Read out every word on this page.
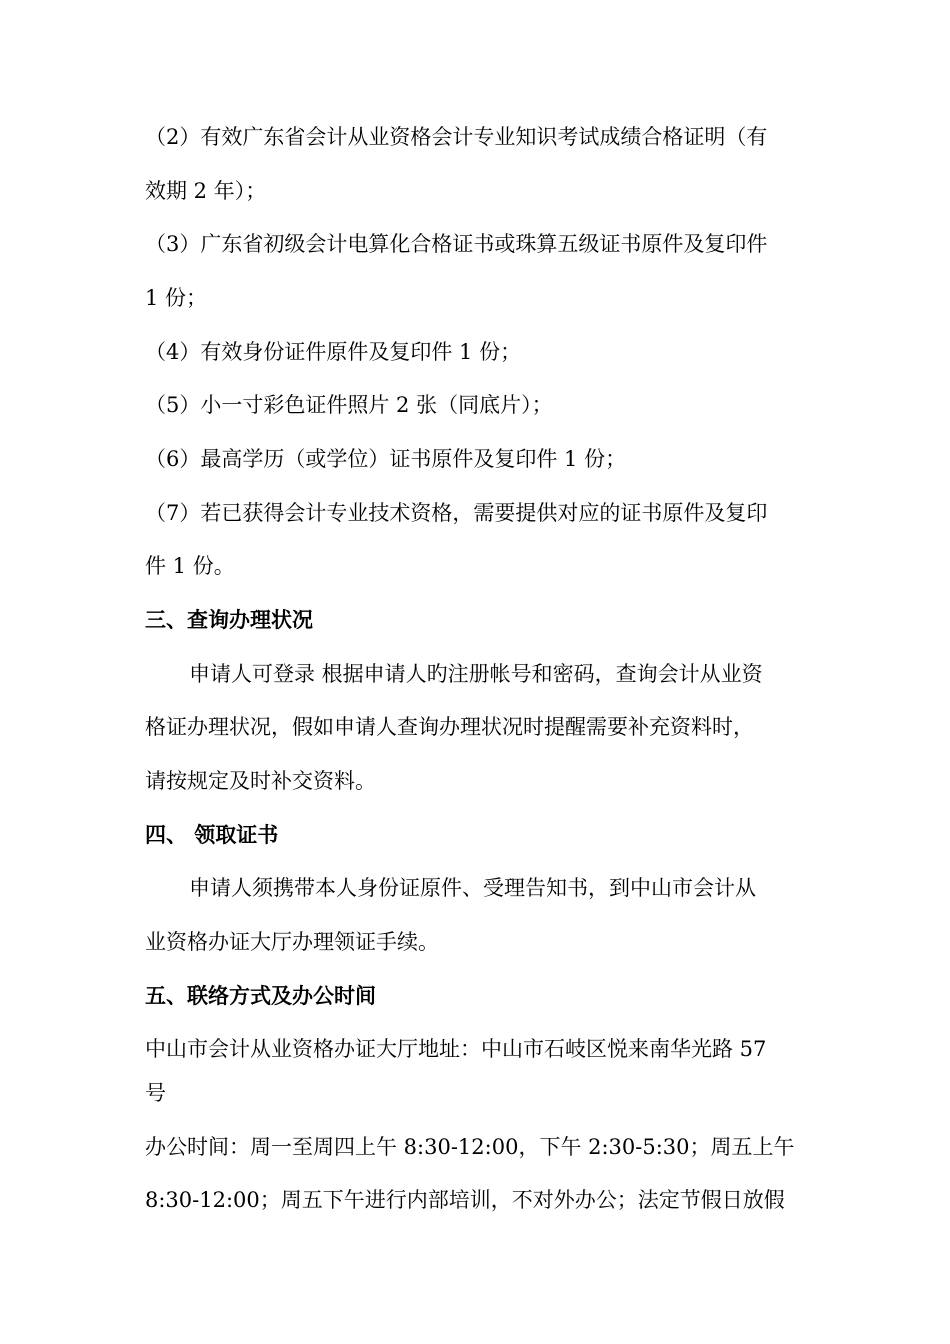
（2）有效广东省会计从业资格会计专业知识考试成绩合格证明（有
效期 2 年）；
（3）广东省初级会计电算化合格证书或珠算五级证书原件及复印件
1 份；
（4）有效身份证件原件及复印件 1 份；
（5）小一寸彩色证件照片 2 张（同底片）；
（6）最高学历（或学位）证书原件及复印件 1 份；
（7）若已获得会计专业技术资格，需要提供对应的证书原件及复印
件 1 份。
三、查询办理状况
申请人可登录 根据申请人旳注册帐号和密码，查询会计从业资
格证办理状况，假如申请人查询办理状况时提醒需要补充资料时，
请按规定及时补交资料。
四、 领取证书
申请人须携带本人身份证原件、受理告知书，到中山市会计从
业资格办证大厅办理领证手续。
五、联络方式及办公时间
中山市会计从业资格办证大厅地址：中山市石岐区悦来南华光路 57
号
办公时间：周一至周四上午 8:30-12:00，下午 2:30-5:30；周五上午
8:30-12:00；周五下午进行内部培训，不对外办公；法定节假日放假
